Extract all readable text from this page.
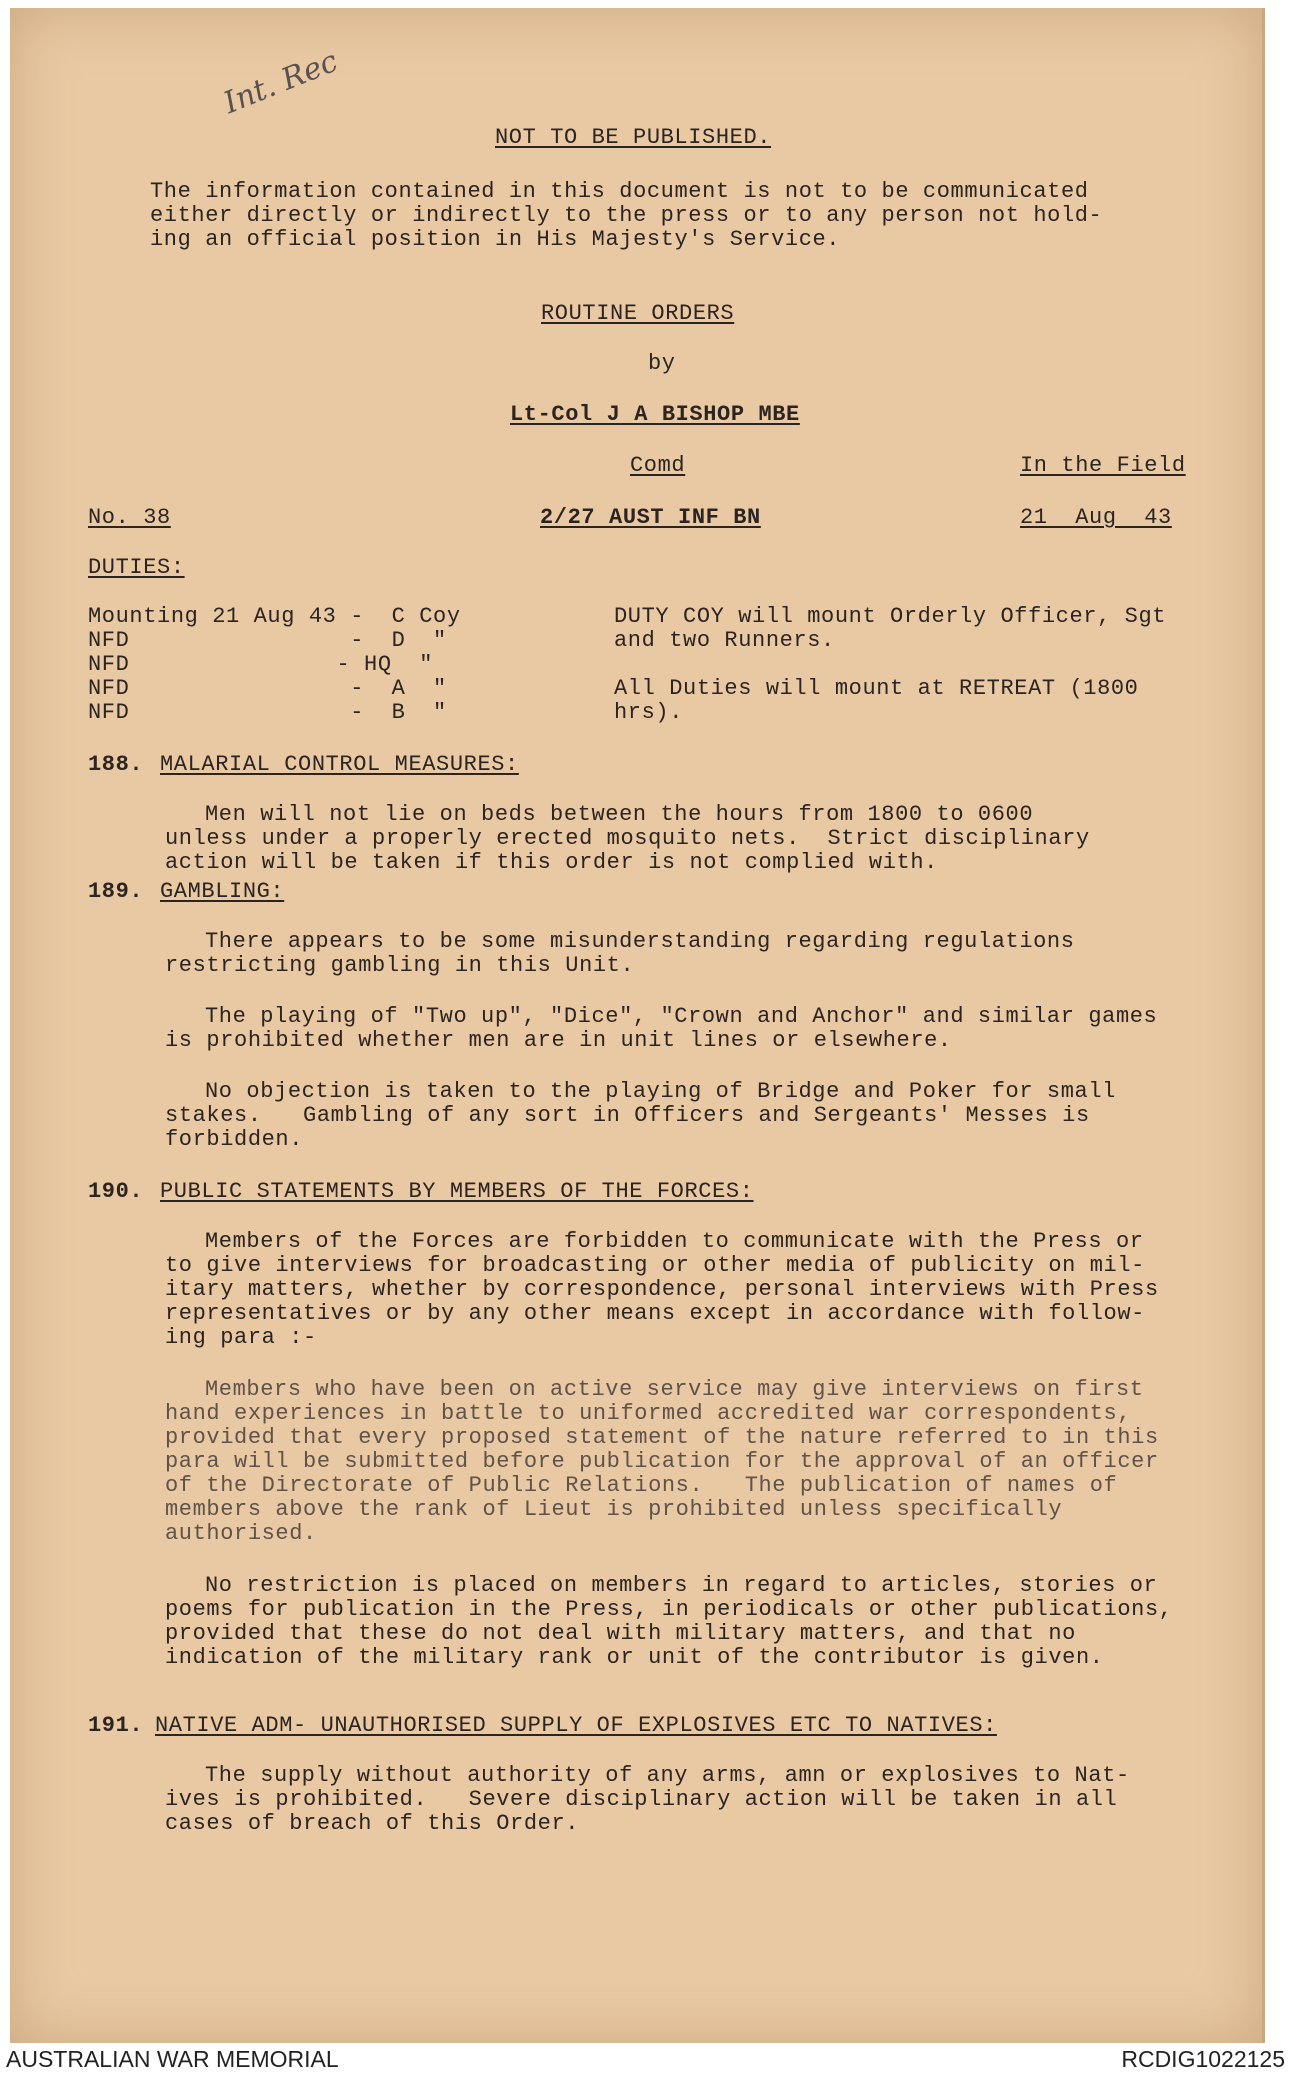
Int. Rec
NOT TO BE PUBLISHED.
The information contained in this document is not to be communicated
either directly or indirectly to the press or to any person not hold-
ing an official position in His Majesty's Service.
ROUTINE ORDERS
by
Lt-Col J A BISHOP MBE
Comd	In the Field
No. 38	2/27 AUST INF BN	21  Aug  43
DUTIES:
Mounting 21 Aug 43 -  C Coy
NFD                -  D  "
NFD               - HQ  "
NFD                -  A  "
NFD                -  B  "
DUTY COY will mount Orderly Officer, Sgt
and two Runners.
All Duties will mount at RETREAT (1800
hrs).
188. MALARIAL CONTROL MEASURES:
Men will not lie on beds between the hours from 1800 to 0600
unless under a properly erected mosquito nets.  Strict disciplinary
action will be taken if this order is not complied with.
189. GAMBLING:
There appears to be some misunderstanding regarding regulations
restricting gambling in this Unit.
The playing of "Two up", "Dice", "Crown and Anchor" and similar games
is prohibited whether men are in unit lines or elsewhere.
No objection is taken to the playing of Bridge and Poker for small
stakes.   Gambling of any sort in Officers and Sergeants' Messes is
forbidden.
190. PUBLIC STATEMENTS BY MEMBERS OF THE FORCES:
Members of the Forces are forbidden to communicate with the Press or
to give interviews for broadcasting or other media of publicity on mil-
itary matters, whether by correspondence, personal interviews with Press
representatives or by any other means except in accordance with follow-
ing para :-
Members who have been on active service may give interviews on first
hand experiences in battle to uniformed accredited war correspondents,
provided that every proposed statement of the nature referred to in this
para will be submitted before publication for the approval of an officer
of the Directorate of Public Relations.   The publication of names of
members above the rank of Lieut is prohibited unless specifically
authorised.
No restriction is placed on members in regard to articles, stories or
poems for publication in the Press, in periodicals or other publications,
provided that these do not deal with military matters, and that no
indication of the military rank or unit of the contributor is given.
191. NATIVE ADM- UNAUTHORISED SUPPLY OF EXPLOSIVES ETC TO NATIVES:
The supply without authority of any arms, amn or explosives to Nat-
ives is prohibited.   Severe disciplinary action will be taken in all
cases of breach of this Order.
AUSTRALIAN WAR MEMORIAL	RCDIG1022125
